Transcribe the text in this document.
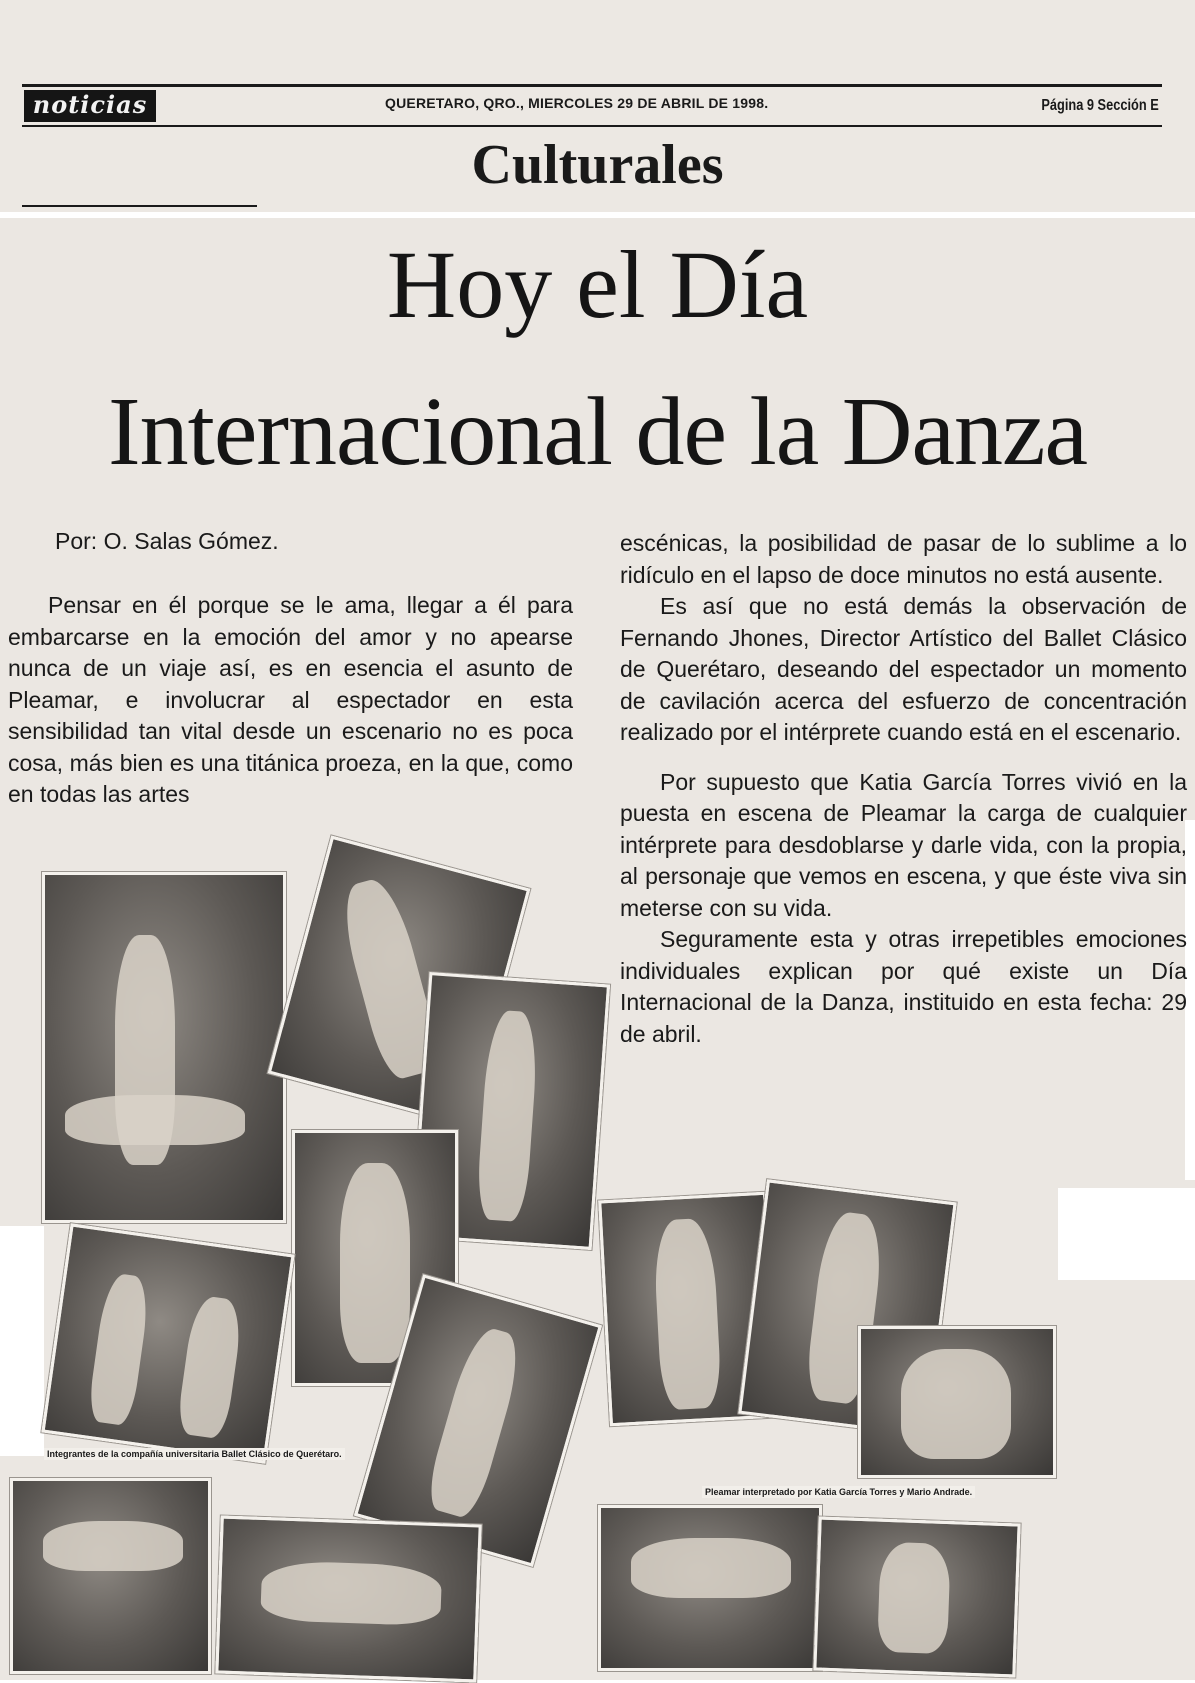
noticias	QUERETARO, QRO., MIERCOLES 29 DE ABRIL DE 1998.	Página 9 Sección E
Culturales
Hoy el Día
Internacional de la Danza
Por: O. Salas Gómez.

Pensar en él porque se le ama, llegar a él para embarcarse en la emoción del amor y no apearse nunca de un viaje así, es en esencia el asunto de Pleamar, e involucrar al espectador en esta sensibilidad tan vital desde un escenario no es poca cosa, más bien es una titánica proeza, en la que, como en todas las artes

escénicas, la posibilidad de pasar de lo sublime a lo ridículo en el lapso de doce minutos no está ausente.

Es así que no está demás la observación de Fernando Jhones, Director Artístico del Ballet Clásico de Querétaro, deseando del espectador un momento de cavilación acerca del esfuerzo de concentración realizado por el intérprete cuando está en el escenario.

Por supuesto que Katia García Torres vivió en la puesta en escena de Pleamar la carga de cualquier intérprete para desdoblarse y darle vida, con la propia, al personaje que vemos en escena, y que éste viva sin meterse con su vida.

Seguramente esta y otras irrepetibles emociones individuales explican por qué existe un Día Internacional de la Danza, instituido en esta fecha: 29 de abril.

Integrantes de la compañía universitaria Ballet Clásico de Querétaro.
Pleamar interpretado por Katia García Torres y Mario Andrade.
